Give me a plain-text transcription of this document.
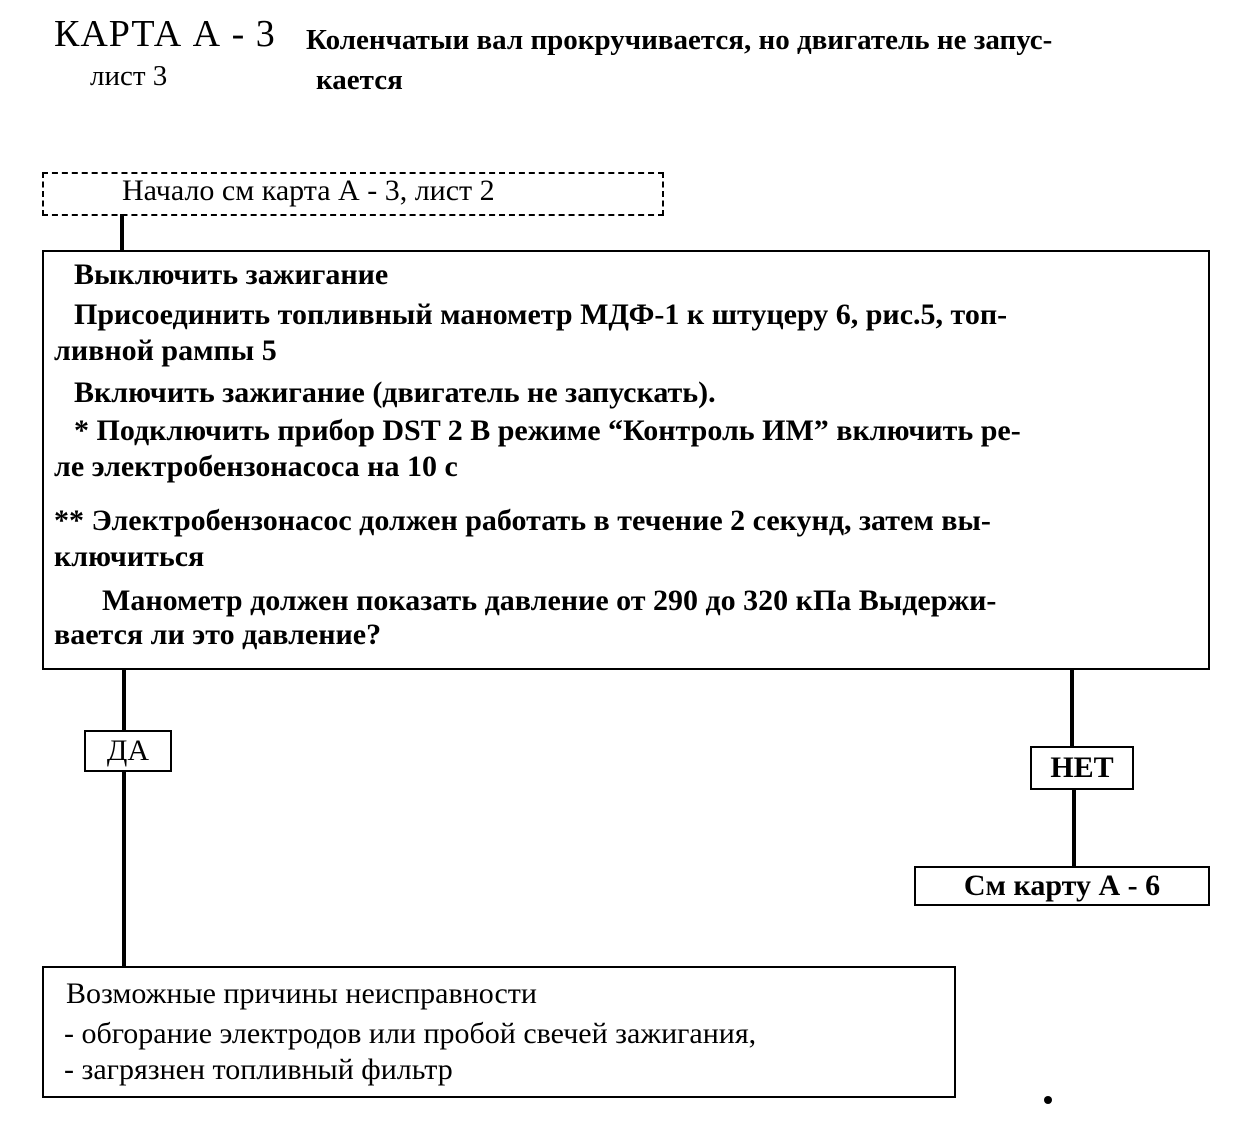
КАРТА А - 3
лист 3
Коленчатыи вал прокручивается, но двигатель не запус-
кается
Начало см карта А - 3, лист 2
Выключить зажигание
Присоединить топливный манометр МДФ-1 к штуцеру 6, рис.5, топ-
ливной рампы 5
Включить зажигание (двигатель не запускать).
* Подключить прибор DST 2 В режиме “Контроль ИМ” включить ре-
ле электробензонасоса на 10 с
** Электробензонасос должен работать в течение 2 секунд, затем вы-
ключиться
Манометр должен показать давление от 290 до 320 кПа Выдержи-
вается ли это давление?
ДА
НЕТ
См карту А - 6
Возможные причины неисправности
- обгорание электродов или пробой свечей зажигания,
- загрязнен топливный фильтр
